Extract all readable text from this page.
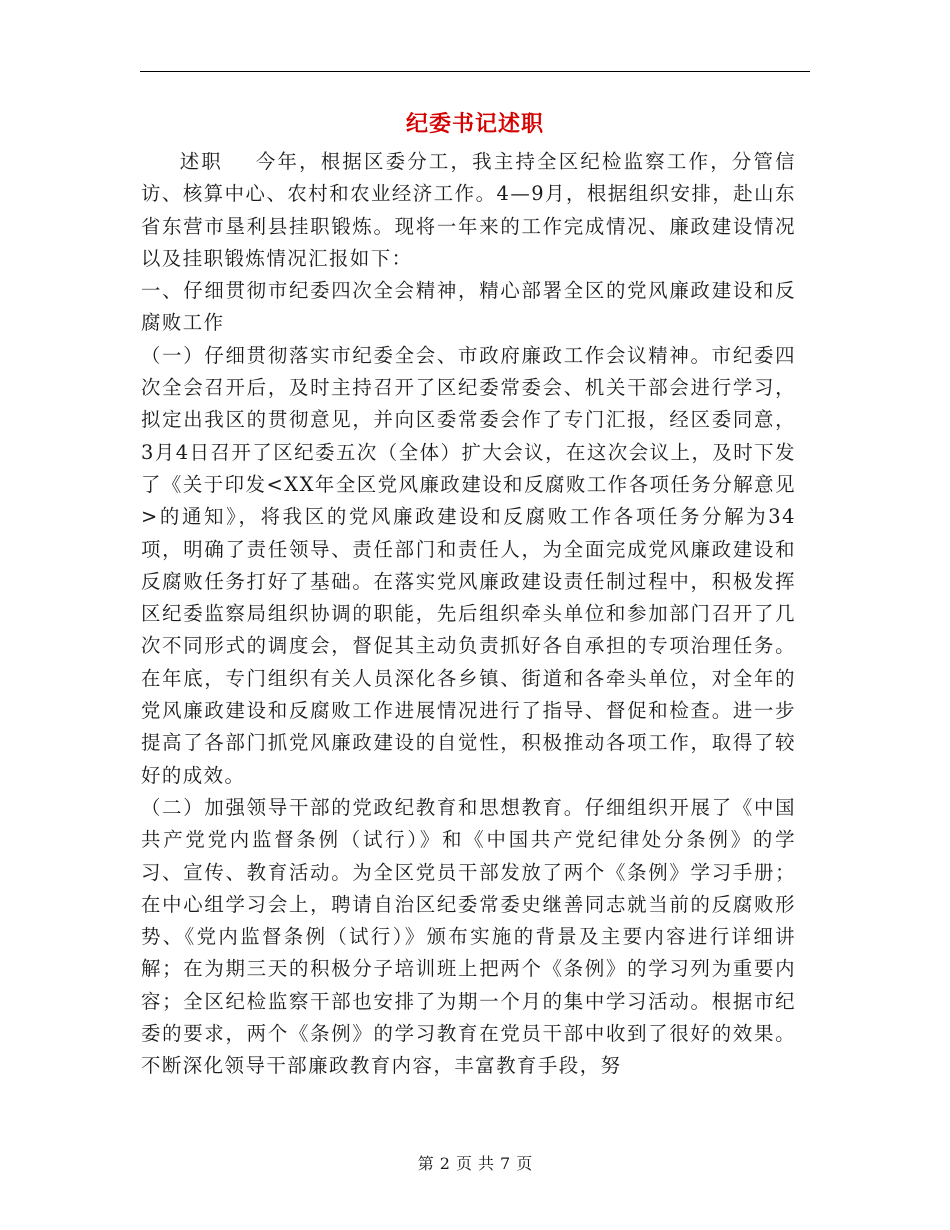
纪委书记述职

述职 今年，根据区委分工，我主持全区纪检监察工作，分管信访、核算中心、农村和农业经济工作。4—9月，根据组织安排，赴山东省东营市垦利县挂职锻炼。现将一年来的工作完成情况、廉政建设情况以及挂职锻炼情况汇报如下：

一、仔细贯彻市纪委四次全会精神，精心部署全区的党风廉政建设和反腐败工作

（一）仔细贯彻落实市纪委全会、市政府廉政工作会议精神。市纪委四次全会召开后，及时主持召开了区纪委常委会、机关干部会进行学习，拟定出我区的贯彻意见，并向区委常委会作了专门汇报，经区委同意，3月4日召开了区纪委五次（全体）扩大会议，在这次会议上，及时下发了《关于印发<XX年全区党风廉政建设和反腐败工作各项任务分解意见>的通知》，将我区的党风廉政建设和反腐败工作各项任务分解为34项，明确了责任领导、责任部门和责任人，为全面完成党风廉政建设和反腐败任务打好了基础。在落实党风廉政建设责任制过程中，积极发挥区纪委监察局组织协调的职能，先后组织牵头单位和参加部门召开了几次不同形式的调度会，督促其主动负责抓好各自承担的专项治理任务。在年底，专门组织有关人员深化各乡镇、街道和各牵头单位，对全年的党风廉政建设和反腐败工作进展情况进行了指导、督促和检查。进一步提高了各部门抓党风廉政建设的自觉性，积极推动各项工作，取得了较好的成效。

（二）加强领导干部的党政纪教育和思想教育。仔细组织开展了《中国共产党党内监督条例（试行）》和《中国共产党纪律处分条例》的学习、宣传、教育活动。为全区党员干部发放了两个《条例》学习手册；在中心组学习会上，聘请自治区纪委常委史继善同志就当前的反腐败形势、《党内监督条例（试行）》颁布实施的背景及主要内容进行详细讲解；在为期三天的积极分子培训班上把两个《条例》的学习列为重要内容；全区纪检监察干部也安排了为期一个月的集中学习活动。根据市纪委的要求，两个《条例》的学习教育在党员干部中收到了很好的效果。不断深化领导干部廉政教育内容，丰富教育手段，努

第 2 页 共 7 页
